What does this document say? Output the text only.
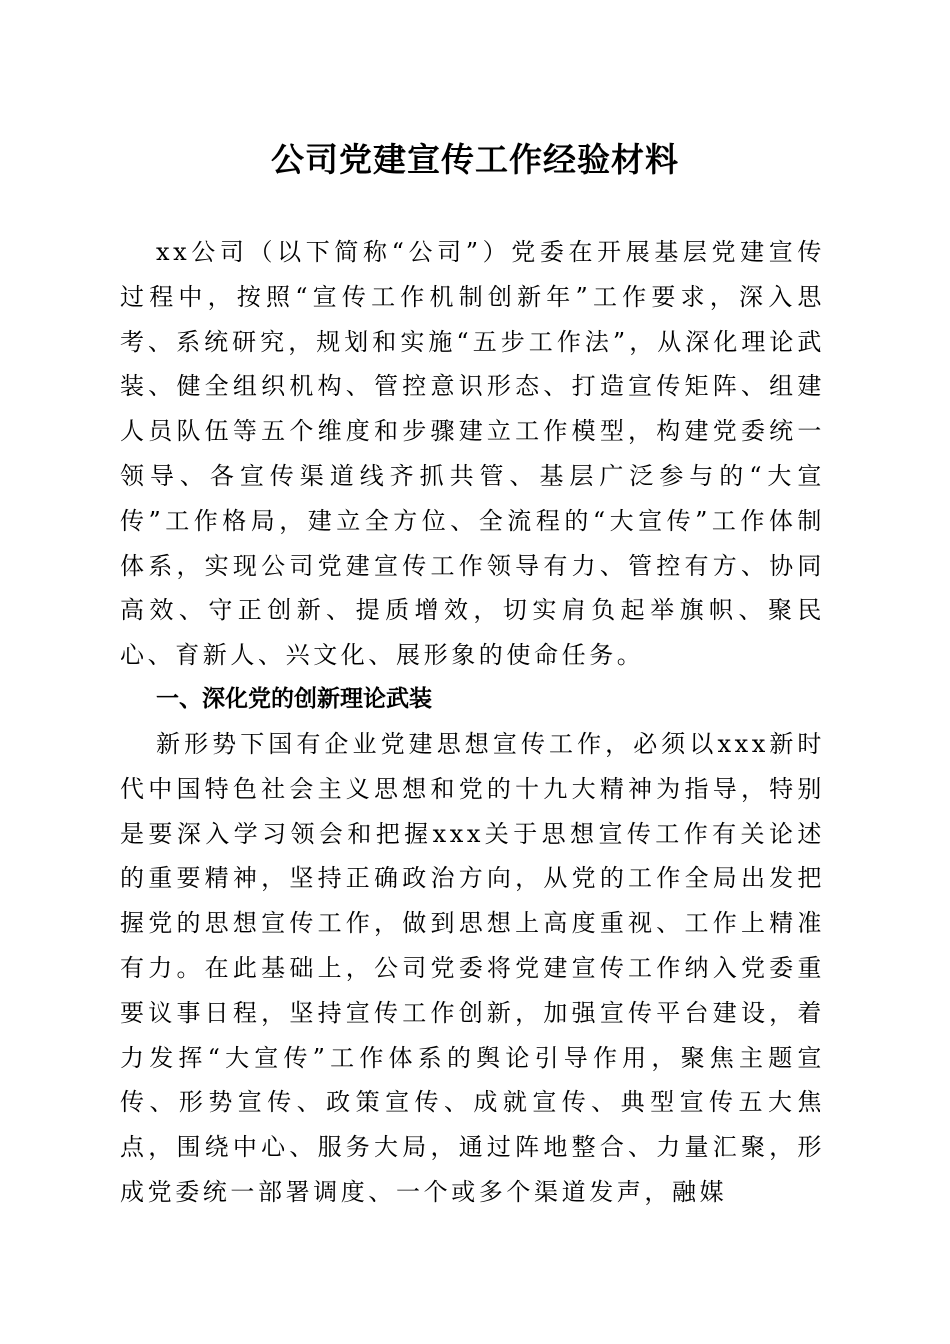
公司党建宣传工作经验材料

xx公司（以下简称“公司”）党委在开展基层党建宣传过程中，按照“宣传工作机制创新年”工作要求，深入思考、系统研究，规划和实施“五步工作法”，从深化理论武装、健全组织机构、管控意识形态、打造宣传矩阵、组建人员队伍等五个维度和步骤建立工作模型，构建党委统一领导、各宣传渠道线齐抓共管、基层广泛参与的“大宣传”工作格局，建立全方位、全流程的“大宣传”工作体制体系，实现公司党建宣传工作领导有力、管控有方、协同高效、守正创新、提质增效，切实肩负起举旗帜、聚民心、育新人、兴文化、展形象的使命任务。

一、深化党的创新理论武装

新形势下国有企业党建思想宣传工作，必须以xxx新时代中国特色社会主义思想和党的十九大精神为指导，特别是要深入学习领会和把握xxx关于思想宣传工作有关论述的重要精神，坚持正确政治方向，从党的工作全局出发把握党的思想宣传工作，做到思想上高度重视、工作上精准有力。在此基础上，公司党委将党建宣传工作纳入党委重要议事日程，坚持宣传工作创新，加强宣传平台建设，着力发挥“大宣传”工作体系的舆论引导作用，聚焦主题宣传、形势宣传、政策宣传、成就宣传、典型宣传五大焦点，围绕中心、服务大局，通过阵地整合、力量汇聚，形成党委统一部署调度、一个或多个渠道发声，融媒
